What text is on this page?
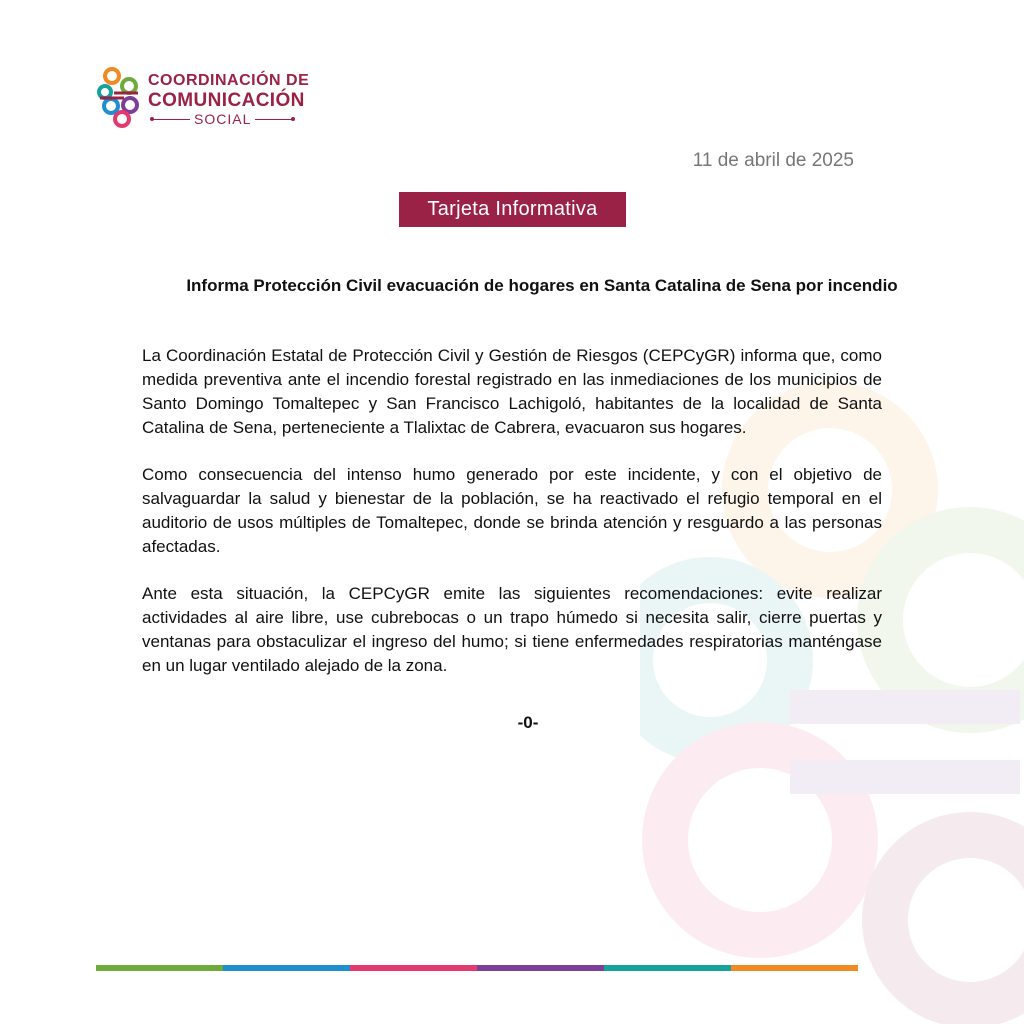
COORDINACIÓN DE
COMUNICACIÓN
SOCIAL
11 de abril de 2025
Tarjeta Informativa
Informa Protección Civil evacuación de hogares en Santa Catalina de Sena por incendio

La Coordinación Estatal de Protección Civil y Gestión de Riesgos (CEPCyGR) informa que, como medida preventiva ante el incendio forestal registrado en las inmediaciones de los municipios de Santo Domingo Tomaltepec y San Francisco Lachigoló, habitantes de la localidad de Santa Catalina de Sena, perteneciente a Tlalixtac de Cabrera, evacuaron sus hogares.

Como consecuencia del intenso humo generado por este incidente, y con el objetivo de salvaguardar la salud y bienestar de la población, se ha reactivado el refugio temporal en el auditorio de usos múltiples de Tomaltepec, donde se brinda atención y resguardo a las personas afectadas.

Ante esta situación, la CEPCyGR emite las siguientes recomendaciones: evite realizar actividades al aire libre, use cubrebocas o un trapo húmedo si necesita salir, cierre puertas y ventanas para obstaculizar el ingreso del humo; si tiene enfermedades respiratorias manténgase en un lugar ventilado alejado de la zona.

-0-
